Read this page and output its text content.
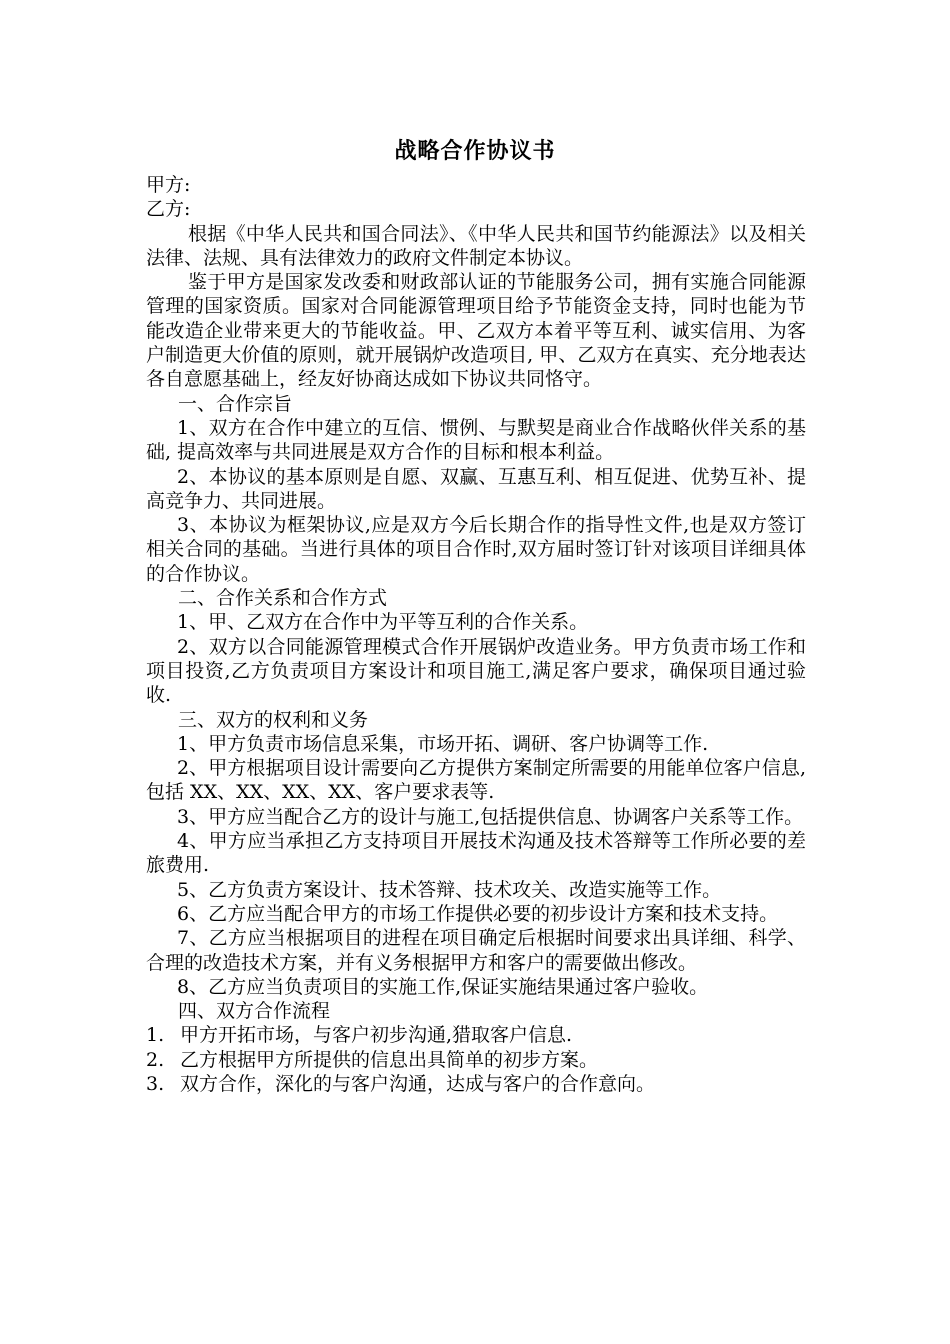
战略合作协议书

甲方:

乙方:

根据《中华人民共和国合同法》、《中华人民共和国节约能源法》以及相关法律、法规、具有法律效力的政府文件制定本协议。

鉴于甲方是国家发改委和财政部认证的节能服务公司，拥有实施合同能源管理的国家资质。国家对合同能源管理项目给予节能资金支持，同时也能为节能改造企业带来更大的节能收益。甲、乙双方本着平等互利、诚实信用、为客户制造更大价值的原则，就开展锅炉改造项目, 甲、乙双方在真实、充分地表达各自意愿基础上，经友好协商达成如下协议共同恪守。

一、合作宗旨

1、双方在合作中建立的互信、惯例、与默契是商业合作战略伙伴关系的基础, 提高效率与共同进展是双方合作的目标和根本利益。

2、本协议的基本原则是自愿、双赢、互惠互利、相互促进、优势互补、提高竞争力、共同进展。

3、本协议为框架协议,应是双方今后长期合作的指导性文件,也是双方签订相关合同的基础。当进行具体的项目合作时,双方届时签订针对该项目详细具体的合作协议。

二、合作关系和合作方式

1、甲、乙双方在合作中为平等互利的合作关系。

2、双方以合同能源管理模式合作开展锅炉改造业务。甲方负责市场工作和项目投资,乙方负责项目方案设计和项目施工,满足客户要求，确保项目通过验收.

三、双方的权利和义务

1、甲方负责市场信息采集，市场开拓、调研、客户协调等工作.

2、甲方根据项目设计需要向乙方提供方案制定所需要的用能单位客户信息,包括 XX、XX、XX、XX、客户要求表等.

3、甲方应当配合乙方的设计与施工,包括提供信息、协调客户关系等工作。

4、甲方应当承担乙方支持项目开展技术沟通及技术答辩等工作所必要的差旅费用.

5、乙方负责方案设计、技术答辩、技术攻关、改造实施等工作。

6、乙方应当配合甲方的市场工作提供必要的初步设计方案和技术支持。

7、乙方应当根据项目的进程在项目确定后根据时间要求出具详细、科学、合理的改造技术方案，并有义务根据甲方和客户的需要做出修改。

8、乙方应当负责项目的实施工作,保证实施结果通过客户验收。

四、双方合作流程

1. 甲方开拓市场，与客户初步沟通,猎取客户信息.
2. 乙方根据甲方所提供的信息出具简单的初步方案。
3. 双方合作，深化的与客户沟通，达成与客户的合作意向。
